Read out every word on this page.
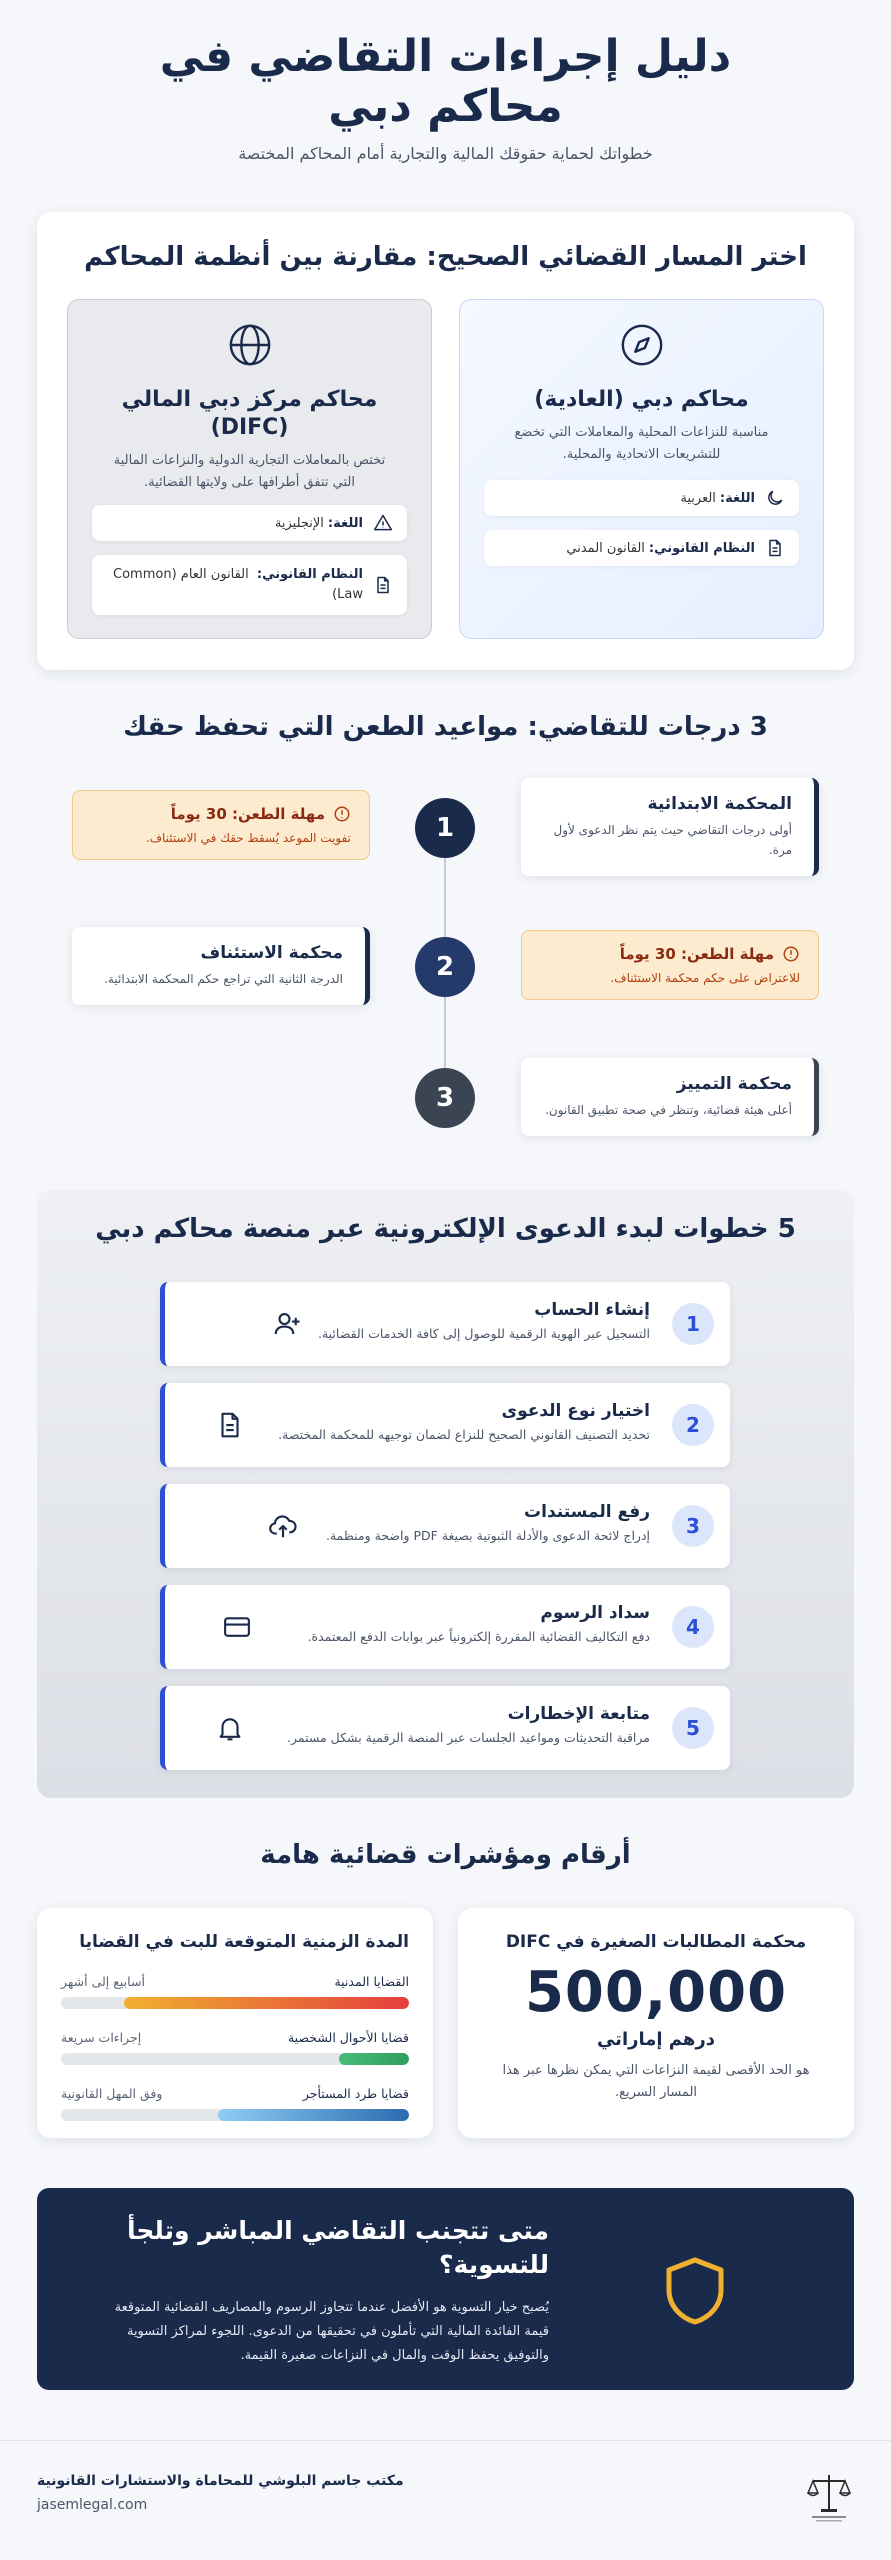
دليل إجراءات التقاضي في محاكم دبي
خطواتك لحماية حقوقك المالية والتجارية أمام المحاكم المختصة
اختر المسار القضائي الصحيح: مقارنة بين أنظمة المحاكم
محاكم دبي (العادية)

مناسبة للنزاعات المحلية والمعاملات التي تخضع للتشريعات الاتحادية والمحلية.

اللغة:
العربية
النظام القانوني:
القانون المدني
محاكم مركز دبي المالي (DIFC)

تختص بالمعاملات التجارية الدولية والنزاعات المالية التي تتفق أطرافها على ولايتها القضائية.

اللغة:
الإنجليزية
النظام القانوني: القانون العام (Common Law)
3 درجات للتقاضي: مواعيد الطعن التي تحفظ حقك
1
2
3
المحكمة الابتدائية

أولى درجات التقاضي حيث يتم نظر الدعوى لأول مرة.

مهلة الطعن: 30 يوماً

تفويت الموعد يُسقط حقك في الاستئناف.

محكمة الاستئناف

الدرجة الثانية التي تراجع حكم المحكمة الابتدائية.

مهلة الطعن: 30 يوماً

للاعتراض على حكم محكمة الاستئناف.

محكمة التمييز

أعلى هيئة قضائية، وتنظر في صحة تطبيق القانون.

5 خطوات لبدء الدعوى الإلكترونية عبر منصة محاكم دبي
1
إنشاء الحساب

التسجيل عبر الهوية الرقمية للوصول إلى كافة الخدمات القضائية.

2
اختيار نوع الدعوى

تحديد التصنيف القانوني الصحيح للنزاع لضمان توجيهه للمحكمة المختصة.

3
رفع المستندات

إدراج لائحة الدعوى والأدلة الثبوتية بصيغة PDF واضحة ومنظمة.

4
سداد الرسوم

دفع التكاليف القضائية المقررة إلكترونياً عبر بوابات الدفع المعتمدة.

5
متابعة الإخطارات

مراقبة التحديثات ومواعيد الجلسات عبر المنصة الرقمية بشكل مستمر.

أرقام ومؤشرات قضائية هامة
محكمة المطالبات الصغيرة في DIFC
500,000
درهم إماراتي

هو الحد الأقصى لقيمة النزاعات التي يمكن نظرها عبر هذا المسار السريع.

المدة الزمنية المتوقعة للبت في القضايا
القضايا المدنية
أسابيع إلى أشهر
قضايا الأحوال الشخصية
إجراءات سريعة
قضايا طرد المستأجر
وفق المهل القانونية
متى تتجنب التقاضي المباشر وتلجأ للتسوية؟

يُصبح خيار التسوية هو الأفضل عندما تتجاوز الرسوم والمصاريف القضائية المتوقعة قيمة الفائدة المالية التي تأملون في تحقيقها من الدعوى. اللجوء لمراكز التسوية والتوفيق يحفظ الوقت والمال في النزاعات صغيرة القيمة.

مكتب جاسم البلوشي للمحاماة والاستشارات القانونية
jasemlegal.com
